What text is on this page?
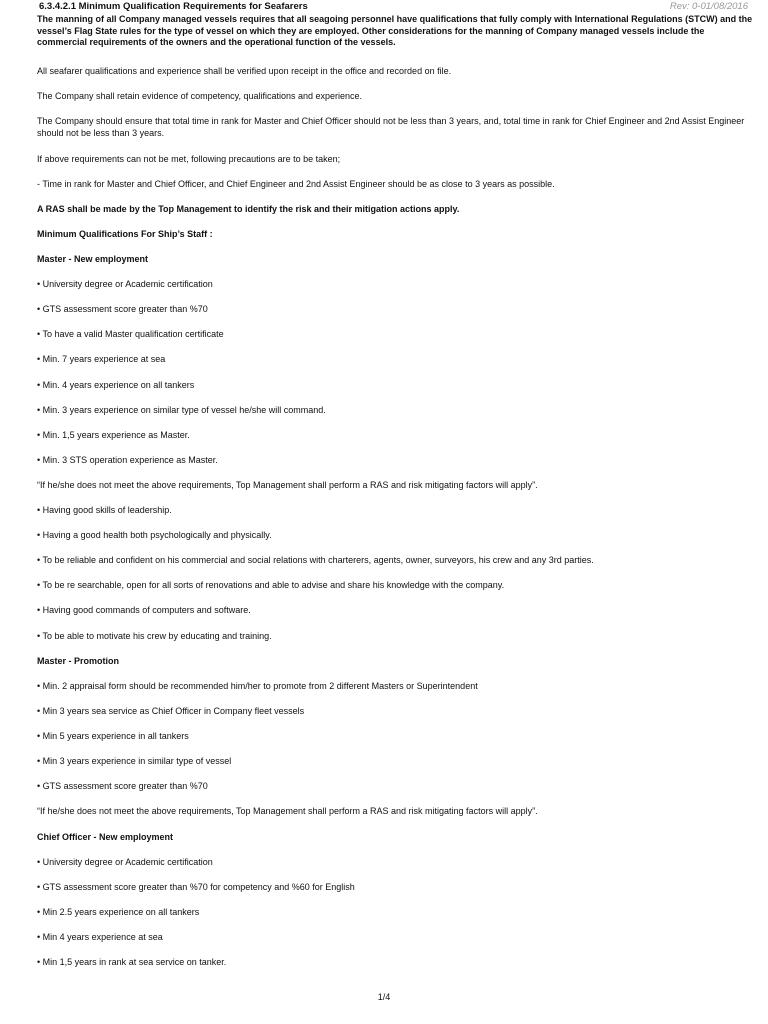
6.3.4.2.1 Minimum Qualification Requirements for Seafarers	Rev: 0-01/08/2016

The manning of all Company managed vessels requires that all seagoing personnel have qualifications that fully comply with International Regulations (STCW) and the vessel’s Flag State rules for the type of vessel on which they are employed. Other considerations for the manning of Company managed vessels include the commercial requirements of the owners and the operational function of the vessels.

All seafarer qualifications and experience shall be verified upon receipt in the office and recorded on file.
The Company shall retain evidence of competency, qualifications and experience.
The Company should ensure that total time in rank for Master and Chief Officer should not be less than 3 years, and, total time in rank for Chief Engineer and 2nd Assist Engineer should not be less than 3 years.
If above requirements can not be met, following precautions are to be taken;
- Time in rank for Master and Chief Officer, and Chief Engineer and 2nd Assist Engineer should be as close to 3 years as possible.
A RAS shall be made by the Top Management to identify the risk and their mitigation actions apply.
Minimum Qualifications For Ship’s Staff :
Master - New employment
• University degree or Academic certification
• GTS assessment score greater than %70
• To have a valid Master qualification certificate
• Min. 7 years experience at sea
• Min. 4 years experience on all tankers
• Min. 3 years experience on similar type of vessel he/she will command.
• Min. 1,5 years experience as Master.
• Min. 3 STS operation experience as Master.
“If he/she does not meet the above requirements, Top Management shall perform a RAS and risk mitigating factors will apply”.
• Having good skills of leadership.
• Having a good health both psychologically and physically.
• To be reliable and confident on his commercial and social relations with charterers, agents, owner, surveyors, his crew and any 3rd parties.
• To be re searchable, open for all sorts of renovations and able to advise and share his knowledge with the company.
• Having good commands of computers and software.
• To be able to motivate his crew by educating and training.
Master - Promotion
• Min. 2 appraisal form should be recommended him/her to promote from 2 different Masters or Superintendent
• Min 3 years sea service as Chief Officer in Company fleet vessels
• Min 5 years experience in all tankers
• Min 3 years experience in similar type of vessel
• GTS assessment score greater than %70
“If he/she does not meet the above requirements, Top Management shall perform a RAS and risk mitigating factors will apply”.
Chief Officer - New employment
• University degree or Academic certification
• GTS assessment score greater than %70 for competency and %60 for English
• Min 2.5 years experience on all tankers
• Min 4 years experience at sea
• Min 1,5 years in rank at sea service on tanker.
1/4
